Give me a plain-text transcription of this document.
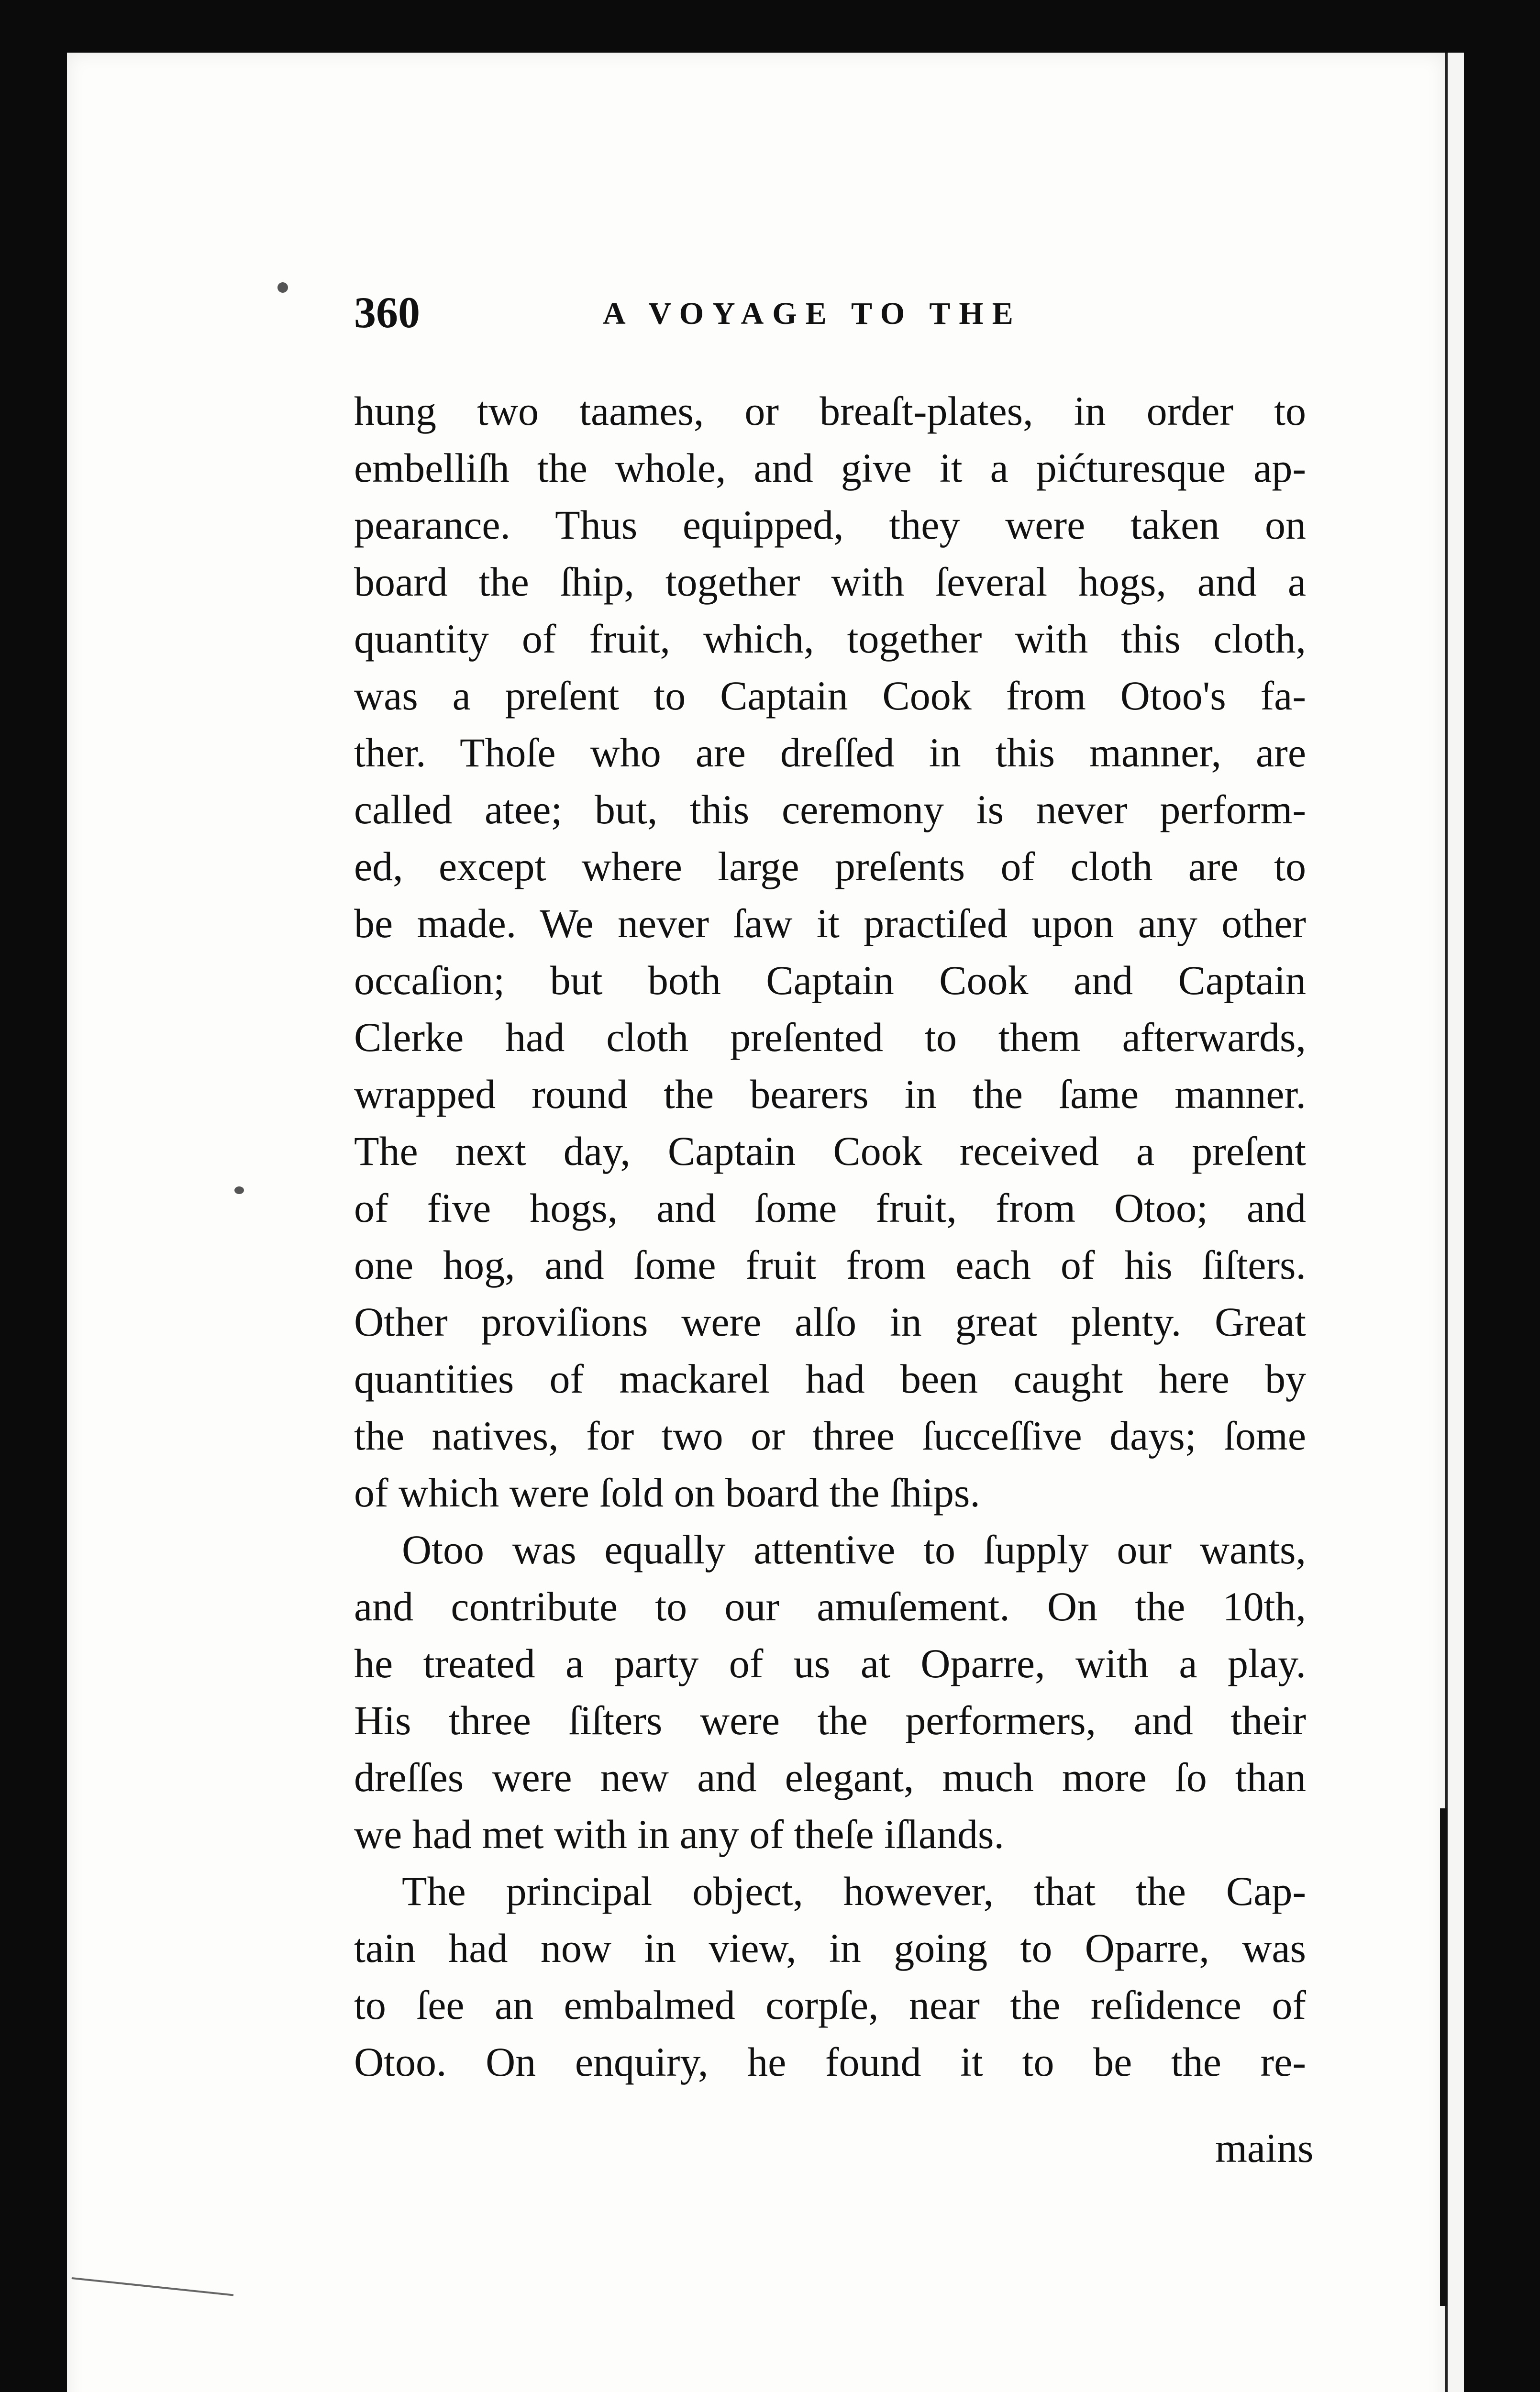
360	A VOYAGE TO THE
hung two taames, or breaſt-plates, in order to
embelliſh the whole, and give it a pićturesque ap-
pearance. Thus equipped, they were taken on
board the ſhip, together with ſeveral hogs, and a
quantity of fruit, which, together with this cloth,
was a preſent to Captain Cook from Otoo's fa-
ther. Thoſe who are dreſſed in this manner, are
called atee; but, this ceremony is never perform-
ed, except where large preſents of cloth are to
be made. We never ſaw it practiſed upon any other
occaſion; but both Captain Cook and Captain
Clerke had cloth preſented to them afterwards,
wrapped round the bearers in the ſame manner.
The next day, Captain Cook received a preſent
of five hogs, and ſome fruit, from Otoo; and
one hog, and ſome fruit from each of his ſiſters.
Other proviſions were alſo in great plenty. Great
quantities of mackarel had been caught here by
the natives, for two or three ſucceſſive days; ſome
of which were ſold on board the ſhips.
Otoo was equally attentive to ſupply our wants,
and contribute to our amuſement. On the 10th,
he treated a party of us at Oparre, with a play.
His three ſiſters were the performers, and their
dreſſes were new and elegant, much more ſo than
we had met with in any of theſe iſlands.
The principal object, however, that the Cap-
tain had now in view, in going to Oparre, was
to ſee an embalmed corpſe, near the reſidence of
Otoo. On enquiry, he found it to be the re-
mains
